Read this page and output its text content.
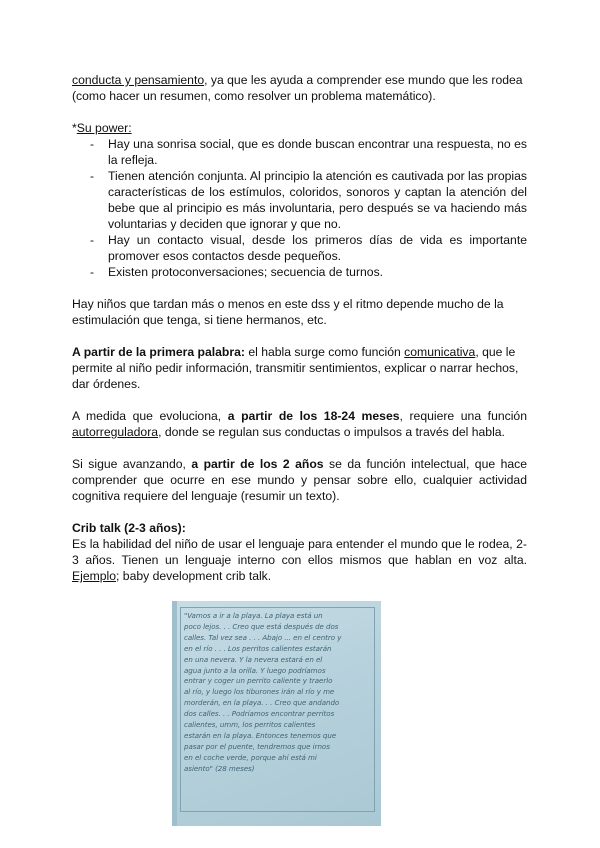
conducta y pensamiento, ya que les ayuda a comprender ese mundo que les rodea
(como hacer un resumen, como resolver un problema matemático).

*Su power:

- Hay una sonrisa social, que es donde buscan encontrar una respuesta, no es la refleja.
- Tienen atención conjunta. Al principio la atención es cautivada por las propias características de los estímulos, coloridos, sonoros y captan la atención del bebe que al principio es más involuntaria, pero después se va haciendo más voluntarias y deciden que ignorar y que no.
- Hay un contacto visual, desde los primeros días de vida es importante promover esos contactos desde pequeños.
- Existen protoconversaciones; secuencia de turnos.

Hay niños que tardan más o menos en este dss y el ritmo depende mucho de la estimulación que tenga, si tiene hermanos, etc.

A partir de la primera palabra: el habla surge como función comunicativa, que le permite al niño pedir información, transmitir sentimientos, explicar o narrar hechos, dar órdenes.

A medida que evoluciona, a partir de los 18-24 meses, requiere una función autorreguladora, donde se regulan sus conductas o impulsos a través del habla.

Si sigue avanzando, a partir de los 2 años se da función intelectual, que hace comprender que ocurre en ese mundo y pensar sobre ello, cualquier actividad cognitiva requiere del lenguaje (resumir un texto).

Crib talk (2-3 años):

Es la habilidad del niño de usar el lenguaje para entender el mundo que le rodea, 2-3 años. Tienen un lenguaje interno con ellos mismos que hablan en voz alta. Ejemplo; baby development crib talk.

"Vamos a ir a la playa. La playa está un
poco lejos. . . Creo que está después de dos
calles. Tal vez sea . . . Abajo ... en el centro y
en el río . . . Los perritos calientes estarán
en una nevera. Y la nevera estará en el
agua junto a la orilla. Y luego podríamos
entrar y coger un perrito caliente y traerlo
al río, y luego los tiburones irán al río y me
morderán, en la playa. . . Creo que andando
dos calles. . . Podríamos encontrar perritos
calientes, umm, los perritos calientes
estarán en la playa. Entonces tenemos que
pasar por el puente, tendremos que irnos
en el coche verde, porque ahí está mi
asiento" (28 meses)
